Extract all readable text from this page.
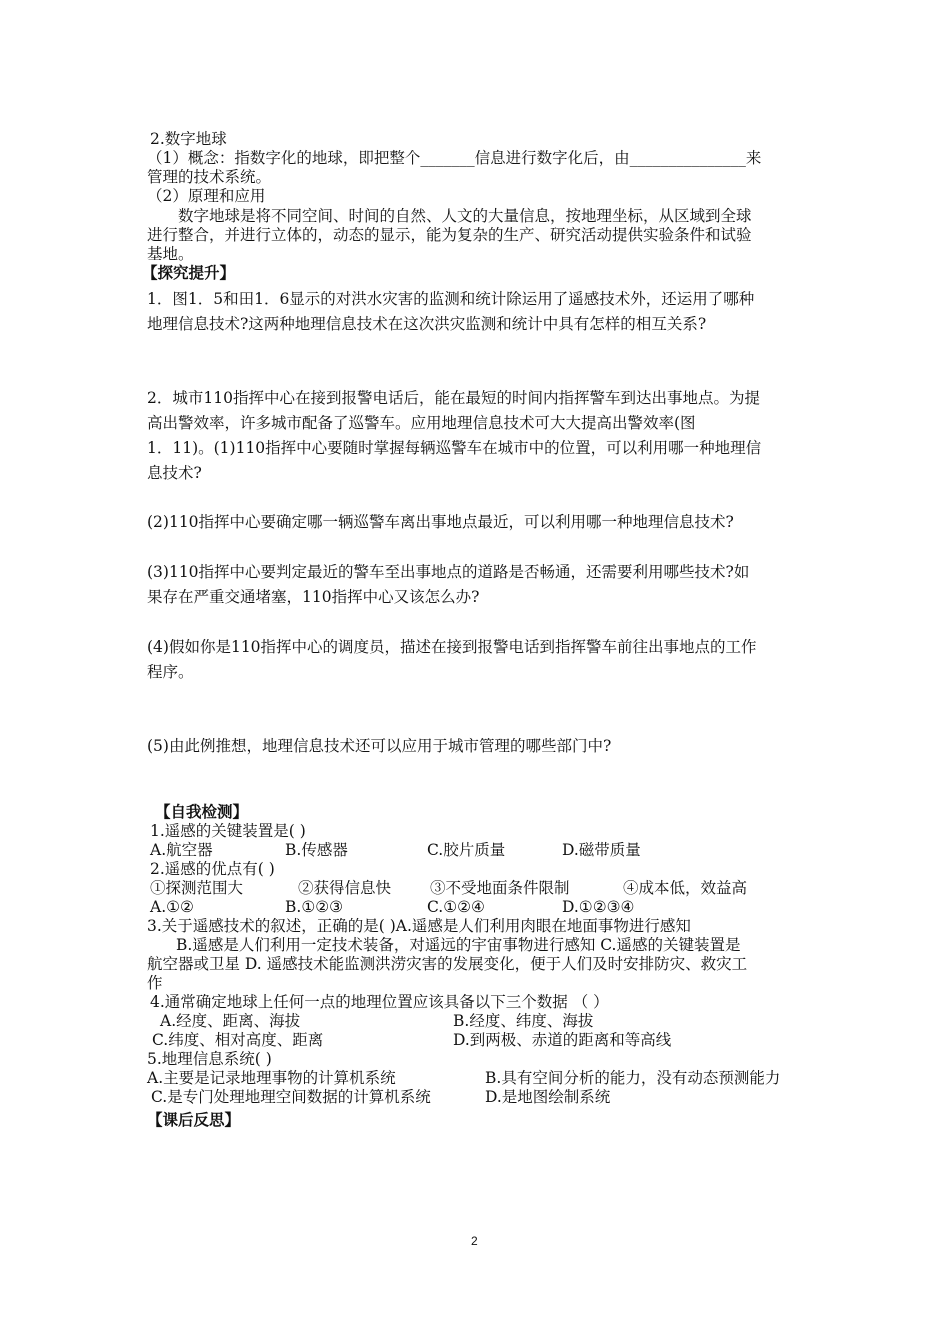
2.数字地球
（1）概念：指数字化的地球，即把整个_______信息进行数字化后，由_______________来
管理的技术系统。
（2）原理和应用
数字地球是将不同空间、时间的自然、人文的大量信息，按地理坐标，从区域到全球
进行整合，并进行立体的，动态的显示，能为复杂的生产、研究活动提供实验条件和试验
基地。
【探究提升】
1．图1．5和田1．6显示的对洪水灾害的监测和统计除运用了遥感技术外，还运用了哪种
地理信息技术?这两种地理信息技术在这次洪灾监测和统计中具有怎样的相互关系?
2．城市110指挥中心在接到报警电话后，能在最短的时间内指挥警车到达出事地点。为提
高出警效率，许多城市配备了巡警车。应用地理信息技术可大大提高出警效率(图
1．11)。(1)110指挥中心要随时掌握每辆巡警车在城市中的位置，可以利用哪一种地理信
息技术?
(2)110指挥中心要确定哪一辆巡警车离出事地点最近，可以利用哪一种地理信息技术?
(3)110指挥中心要判定最近的警车至出事地点的道路是否畅通，还需要利用哪些技术?如
果存在严重交通堵塞，110指挥中心又该怎么办?
(4)假如你是110指挥中心的调度员，描述在接到报警电话到指挥警车前往出事地点的工作
程序。
(5)由此例推想，地理信息技术还可以应用于城市管理的哪些部门中?
【自我检测】
1.遥感的关键装置是( )
A.航空器	B.传感器	C.胶片质量	D.磁带质量
2.遥感的优点有( )
①探测范围大	②获得信息快	③不受地面条件限制	④成本低，效益高
A.①②	B.①②③	C.①②④	D.①②③④
3.关于遥感技术的叙述，正确的是( )A.遥感是人们利用肉眼在地面事物进行感知
B.遥感是人们利用一定技术装备，对遥远的宇宙事物进行感知 C.遥感的关键装置是
航空器或卫星 D. 遥感技术能监测洪涝灾害的发展变化，便于人们及时安排防灾、救灾工
作
4.通常确定地球上任何一点的地理位置应该具备以下三个数据 （ ）
A.经度、距离、海拔	B.经度、纬度、海拔
C.纬度、相对高度、距离	D.到两极、赤道的距离和等高线
5.地理信息系统( )
A.主要是记录地理事物的计算机系统	B.具有空间分析的能力，没有动态预测能力
C.是专门处理地理空间数据的计算机系统	D.是地图绘制系统
【课后反思】
2
